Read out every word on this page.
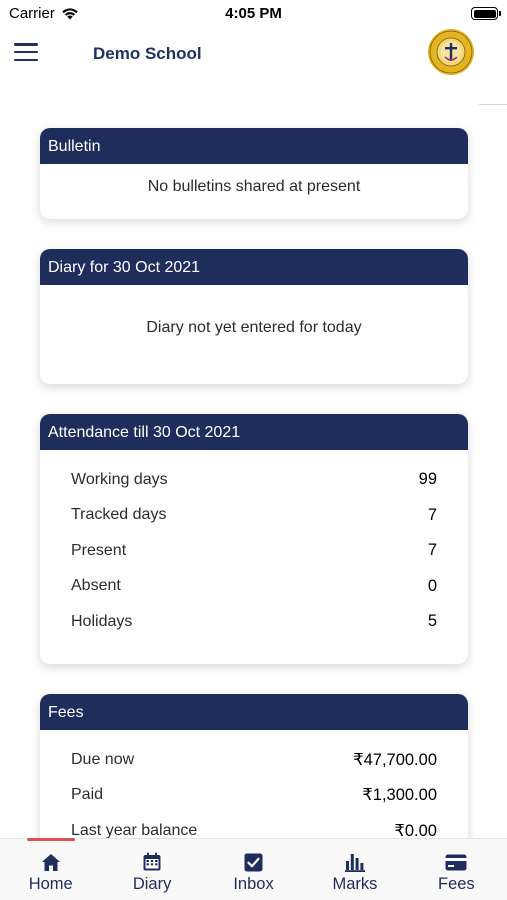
Carrier	4:05 PM
Demo School
Bulletin
No bulletins shared at present
Diary for 30 Oct 2021
Diary not yet entered for today
Attendance till 30 Oct 2021
Working days	99
Tracked days	7
Present	7
Absent	0
Holidays	5
Fees
Due now	₹47,700.00
Paid	₹1,300.00
Last year balance	₹0.00
Home	Diary	Inbox	Marks	Fees
